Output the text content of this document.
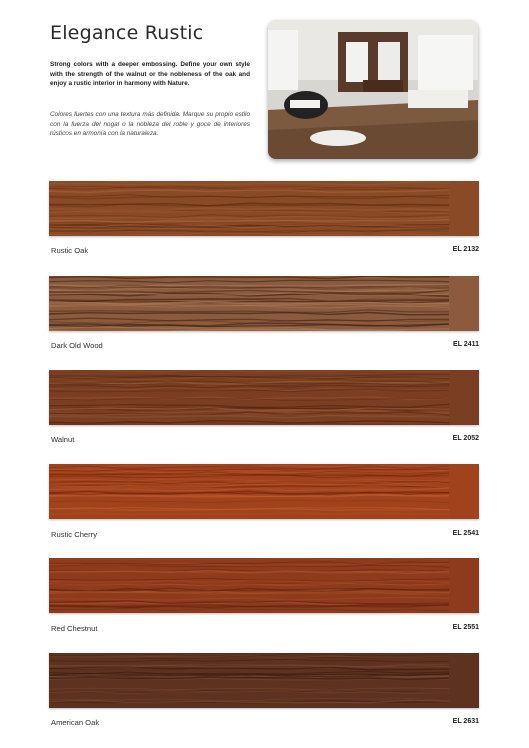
Elegance Rustic
Strong colors with a deeper embossing. Define your own style with the strength of the walnut or the nobleness of the oak and enjoy a rustic interior in harmony with Nature.
Colores fuertes con una textura más definida. Marque su propio estilo con la fuerza del nogal o la nobleza del roble y goce de interiores rústicos en armonía con la naturaleza.
Rustic Oak	EL 2132
Dark Old Wood	EL 2411
Walnut	EL 2052
Rustic Cherry	EL 2541
Red Chestnut	EL 2551
American Oak	EL 2631
